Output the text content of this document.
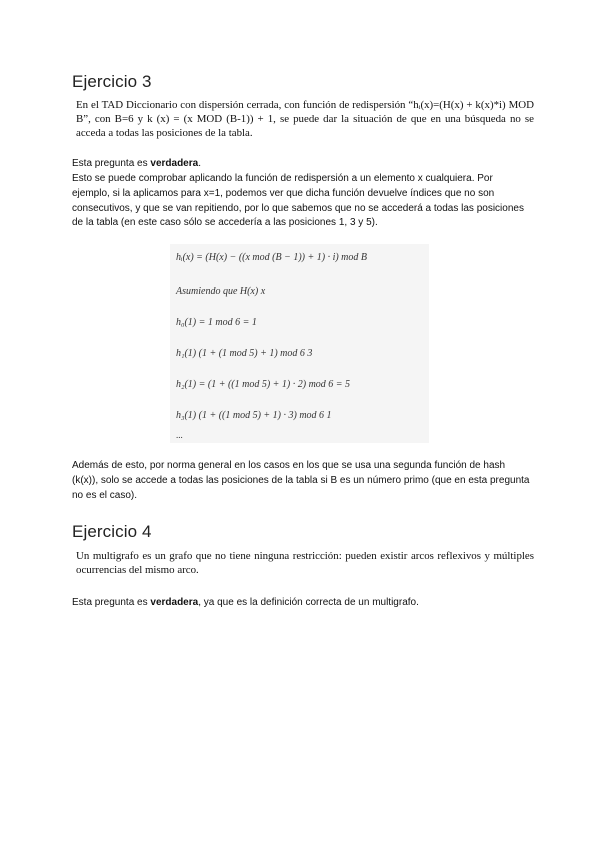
Ejercicio 3

En el TAD Diccionario con dispersión cerrada, con función de redispersión “hᵢ(x)=(H(x) + k(x)*i) MOD B”, con B=6 y k (x) = (x MOD (B-1)) + 1, se puede dar la situación de que en una búsqueda no se acceda a todas las posiciones de la tabla.

Esta pregunta es verdadera.

Esto se puede comprobar aplicando la función de redispersión a un elemento x cualquiera. Por ejemplo, si la aplicamos para x=1, podemos ver que dicha función devuelve índices que no son consecutivos, y que se van repitiendo, por lo que sabemos que no se accederá a todas las posiciones de la tabla (en este caso sólo se accedería a las posiciones 1, 3 y 5).

hᵢ(x) = (H(x) − ((x mod (B − 1)) + 1) · i) mod B
Asumiendo que H(x) x
h₀(1) = 1 mod 6 = 1
h₁(1) (1 + (1 mod 5) + 1) mod 6 3
h₂(1) = (1 + ((1 mod 5) + 1) · 2) mod 6 = 5
h₃(1) (1 + ((1 mod 5) + 1) · 3) mod 6 1
...

Además de esto, por norma general en los casos en los que se usa una segunda función de hash (k(x)), solo se accede a todas las posiciones de la tabla si B es un número primo (que en esta pregunta no es el caso).

Ejercicio 4

Un multigrafo es un grafo que no tiene ninguna restricción: pueden existir arcos reflexivos y múltiples ocurrencias del mismo arco.

Esta pregunta es verdadera, ya que es la definición correcta de un multigrafo.
